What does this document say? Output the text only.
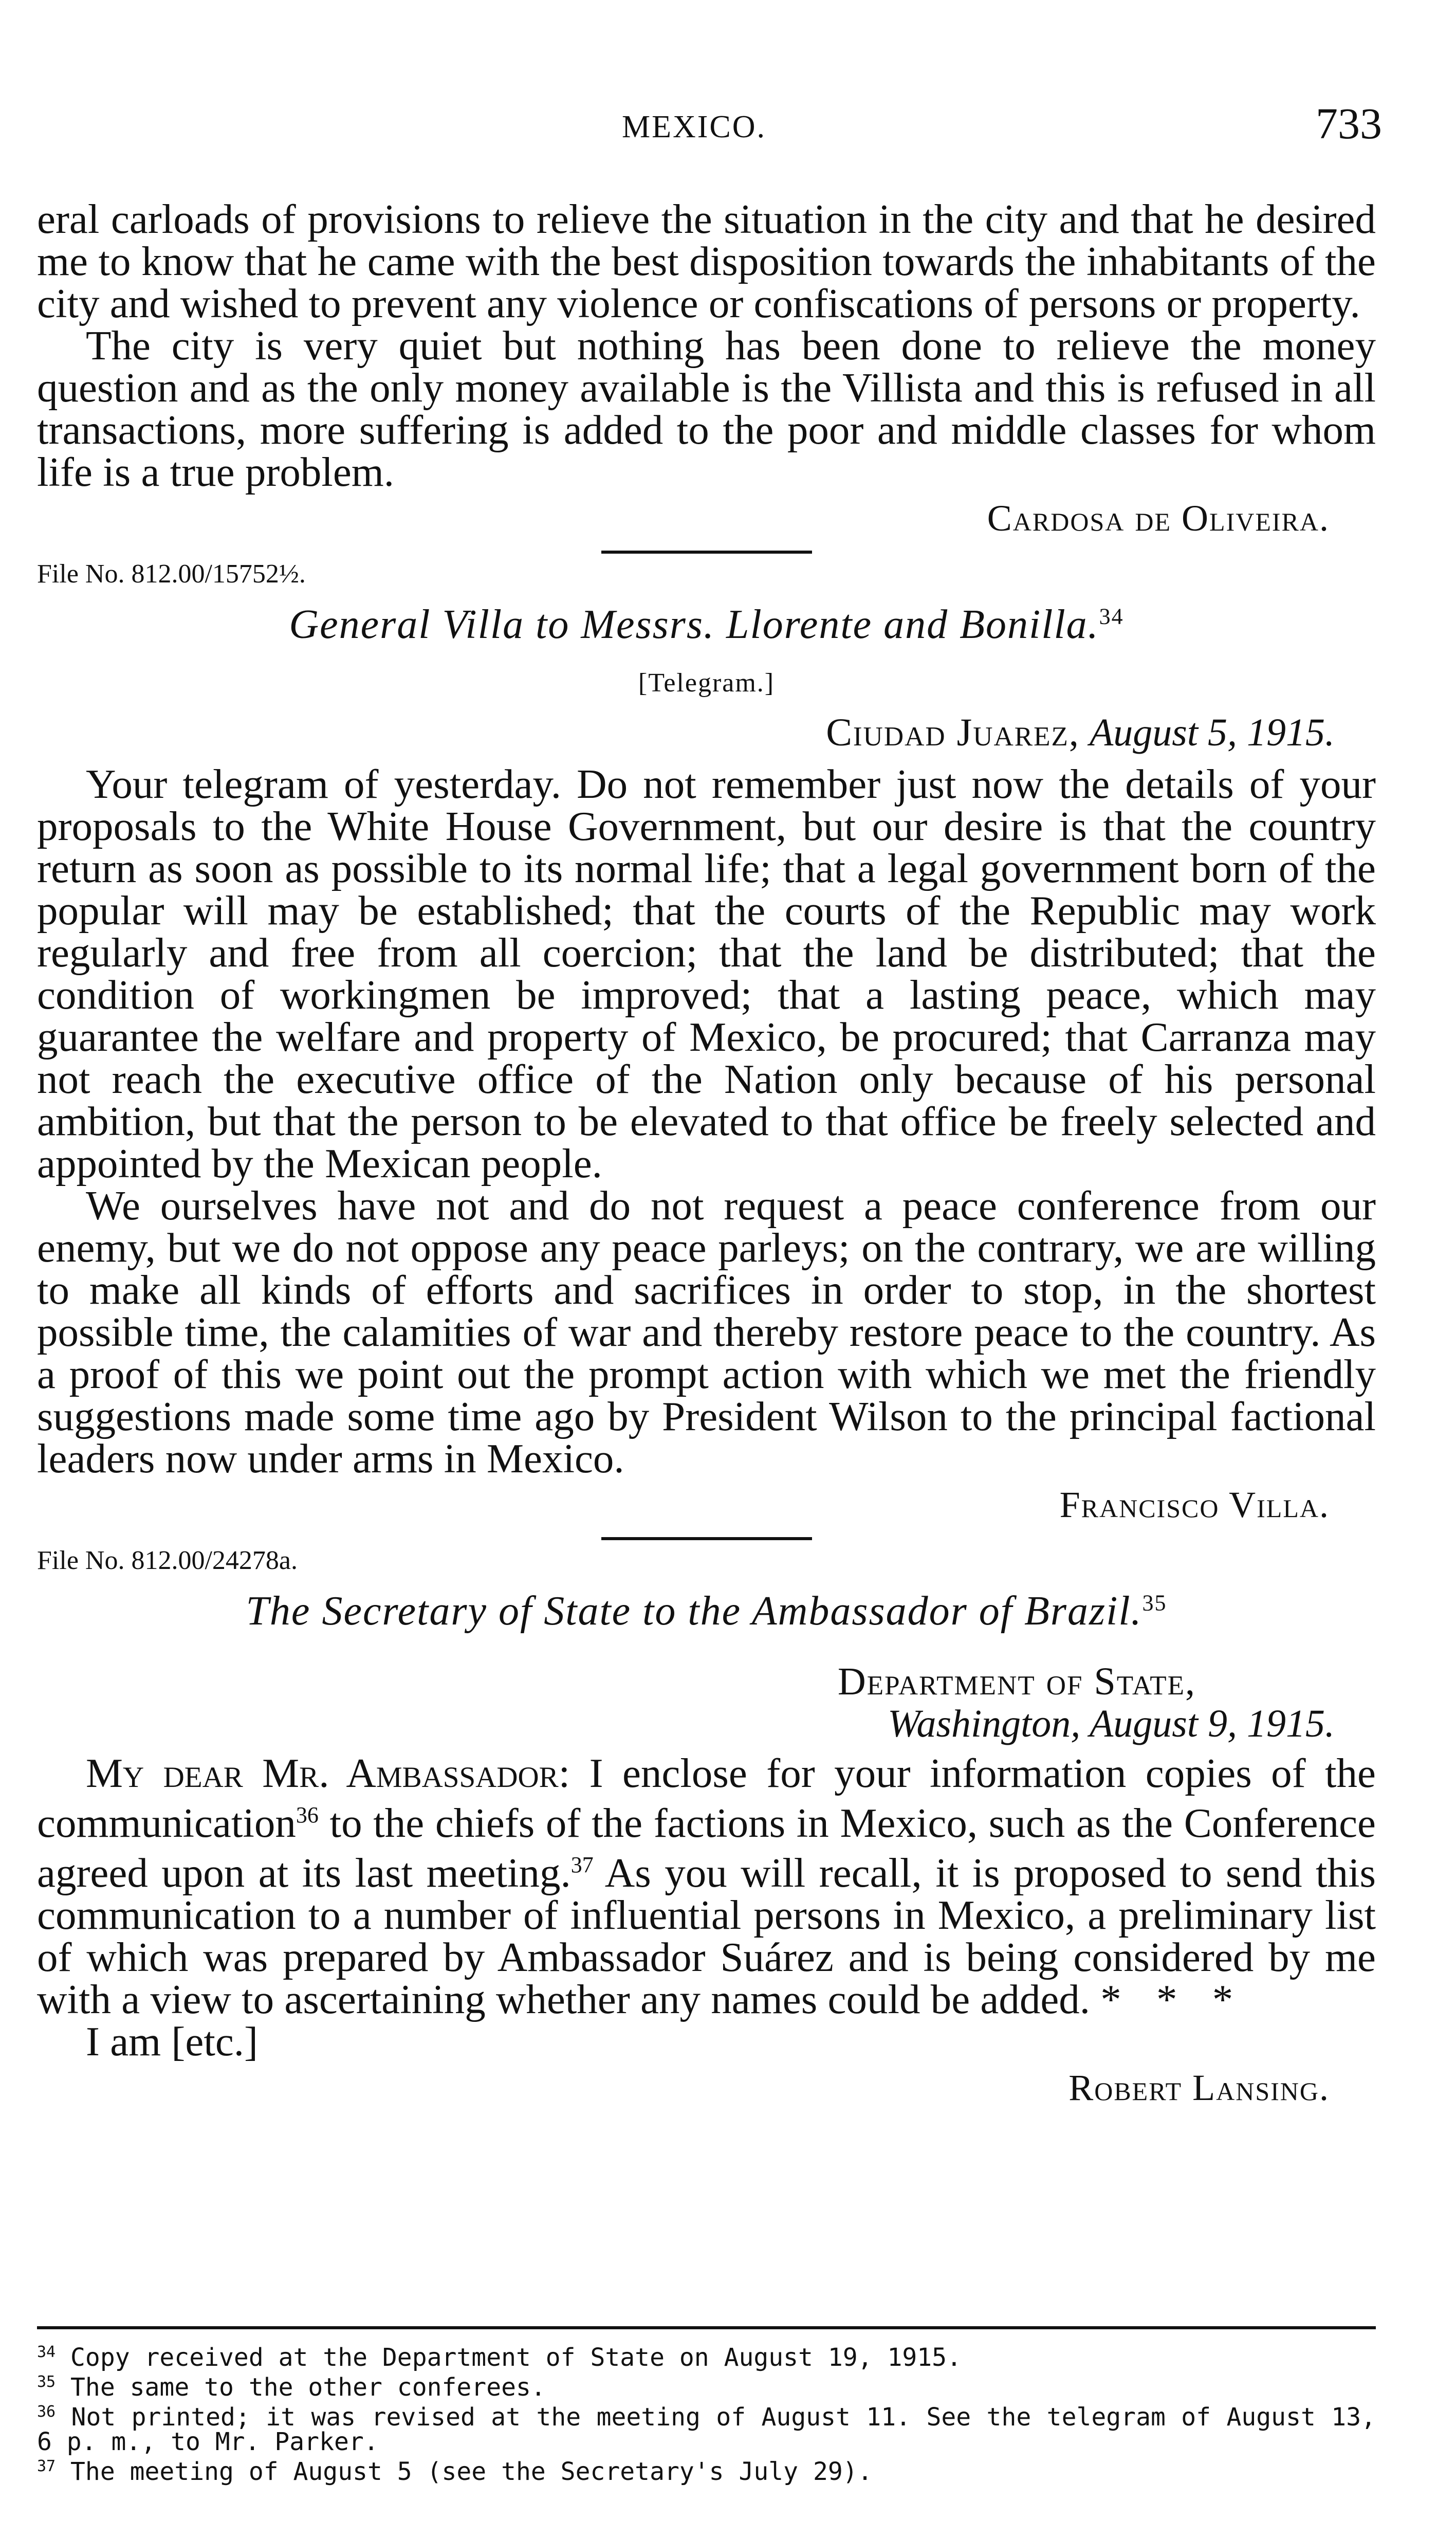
MEXICO.	733

eral carloads of provisions to relieve the situation in the city and that he desired me to know that he came with the best disposition towards the inhabitants of the city and wished to prevent any violence or confiscations of persons or property.

The city is very quiet but nothing has been done to relieve the money question and as the only money available is the Villista and this is refused in all transactions, more suffering is added to the poor and middle classes for whom life is a true problem.

Cardosa de Oliveira.
File No. 812.00/15752½.
General Villa to Messrs. Llorente and Bonilla.$^{34}$
[Telegram.]
Ciudad Juarez, August 5, 1915.

Your telegram of yesterday. Do not remember just now the details of your proposals to the White House Government, but our desire is that the country return as soon as possible to its normal life; that a legal government born of the popular will may be established; that the courts of the Republic may work regularly and free from all coercion; that the land be distributed; that the condition of workingmen be improved; that a lasting peace, which may guarantee the welfare and property of Mexico, be procured; that Carranza may not reach the executive office of the Nation only because of his personal ambition, but that the person to be elevated to that office be freely selected and appointed by the Mexican people.

We ourselves have not and do not request a peace conference from our enemy, but we do not oppose any peace parleys; on the contrary, we are willing to make all kinds of efforts and sacrifices in order to stop, in the shortest possible time, the calamities of war and thereby restore peace to the country. As a proof of this we point out the prompt action with which we met the friendly suggestions made some time ago by President Wilson to the principal factional leaders now under arms in Mexico.

Francisco Villa.
File No. 812.00/24278a.
The Secretary of State to the Ambassador of Brazil.$^{35}$
Department of State,
Washington, August 9, 1915.

My dear Mr. Ambassador: I enclose for your information copies of the communication$^{36}$ to the chiefs of the factions in Mexico, such as the Conference agreed upon at its last meeting.$^{37}$ As you will recall, it is proposed to send this communication to a number of influential persons in Mexico, a preliminary list of which was prepared by Ambassador Suárez and is being considered by me with a view to ascertaining whether any names could be added. * * *

I am [etc.]
Robert Lansing.

$^{34}$ Copy received at the Department of State on August 19, 1915.

$^{35}$ The same to the other conferees.

$^{36}$ Not printed; it was revised at the meeting of August 11. See the telegram of August 13, 6 p. m., to Mr. Parker.

$^{37}$ The meeting of August 5 (see the Secretary's July 29).
